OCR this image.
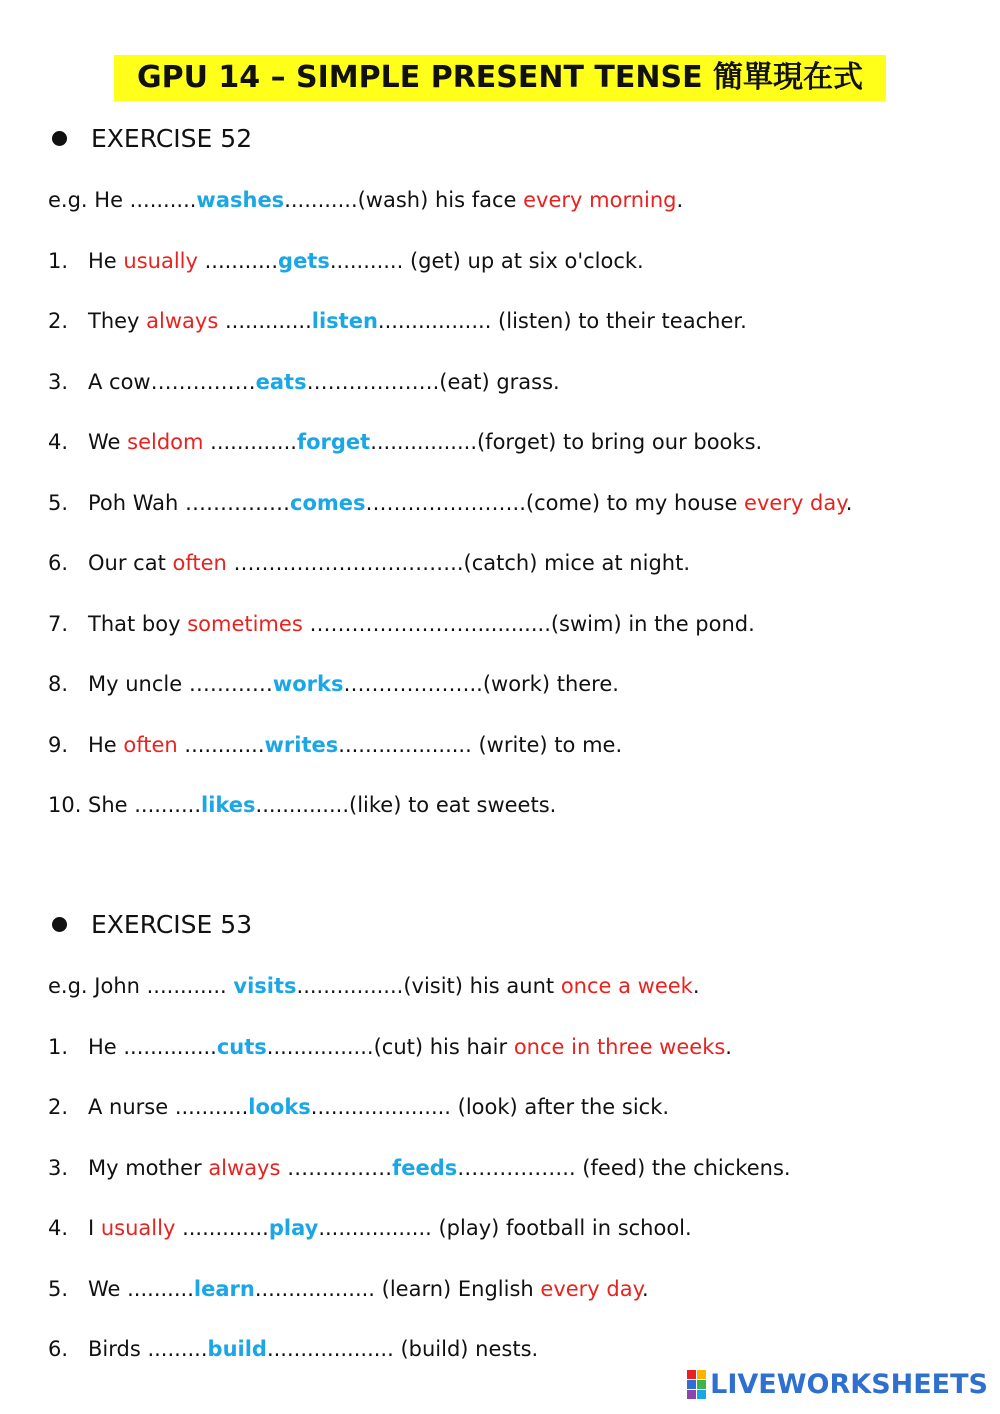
GPU 14 – SIMPLE PRESENT TENSE 簡單現在式
EXERCISE 52
e.g. He ..........washes...........(wash) his face every morning.
1. He usually ...........gets........... (get) up at six o'clock.
2. They always .............listen................. (listen) to their teacher.
3. A cow……………eats……………….(eat) grass.
4. We seldom .............forget................(forget) to bring our books.
5. Poh Wah ……………comes…………………..(come) to my house every day.
6. Our cat often …………………….……..(catch) mice at night.
7. That boy sometimes ……………………...........(swim) in the pond.
8. My uncle …………works………………..(work) there.
9. He often ............writes.................... (write) to me.
10. She ..........likes..............(like) to eat sweets.
EXERCISE 53
e.g. John ............ visits................(visit) his aunt once a week.
1. He ..............cuts................(cut) his hair once in three weeks.
2. A nurse ...........looks..................... (look) after the sick.
3. My mother always ……………feeds…………….. (feed) the chickens.
4. I usually .............play................. (play) football in school.
5. We ..........learn.................. (learn) English every day.
6. Birds .........build................... (build) nests.
LIVEWORKSHEETS
